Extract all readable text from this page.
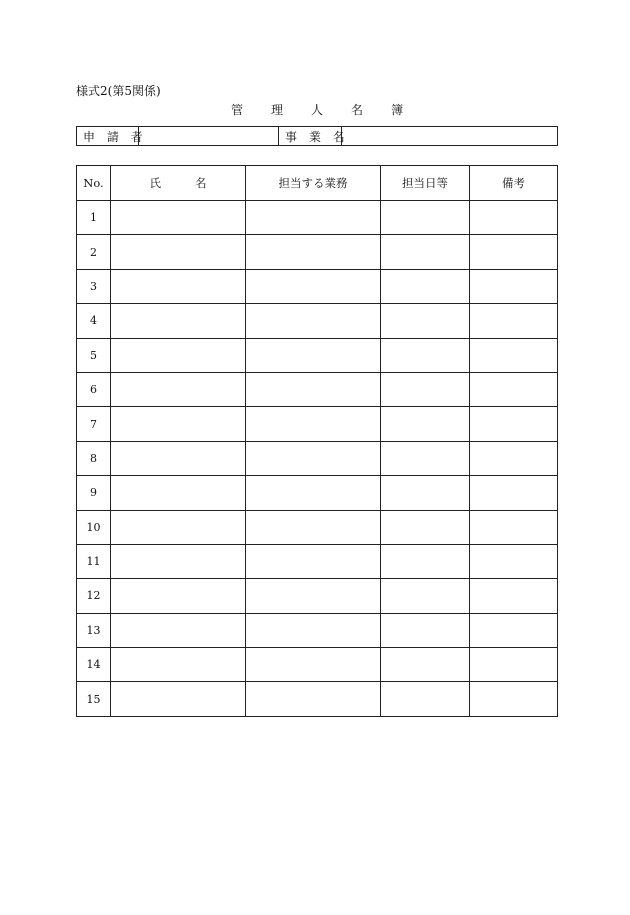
様式2(第5関係)
管 理 人 名 簿
申 請 者		事 業 名	
No.	氏 名	担当する業務	担当日等	備考
1				
2				
3				
4				
5				
6				
7				
8				
9				
10				
11				
12				
13				
14				
15				
